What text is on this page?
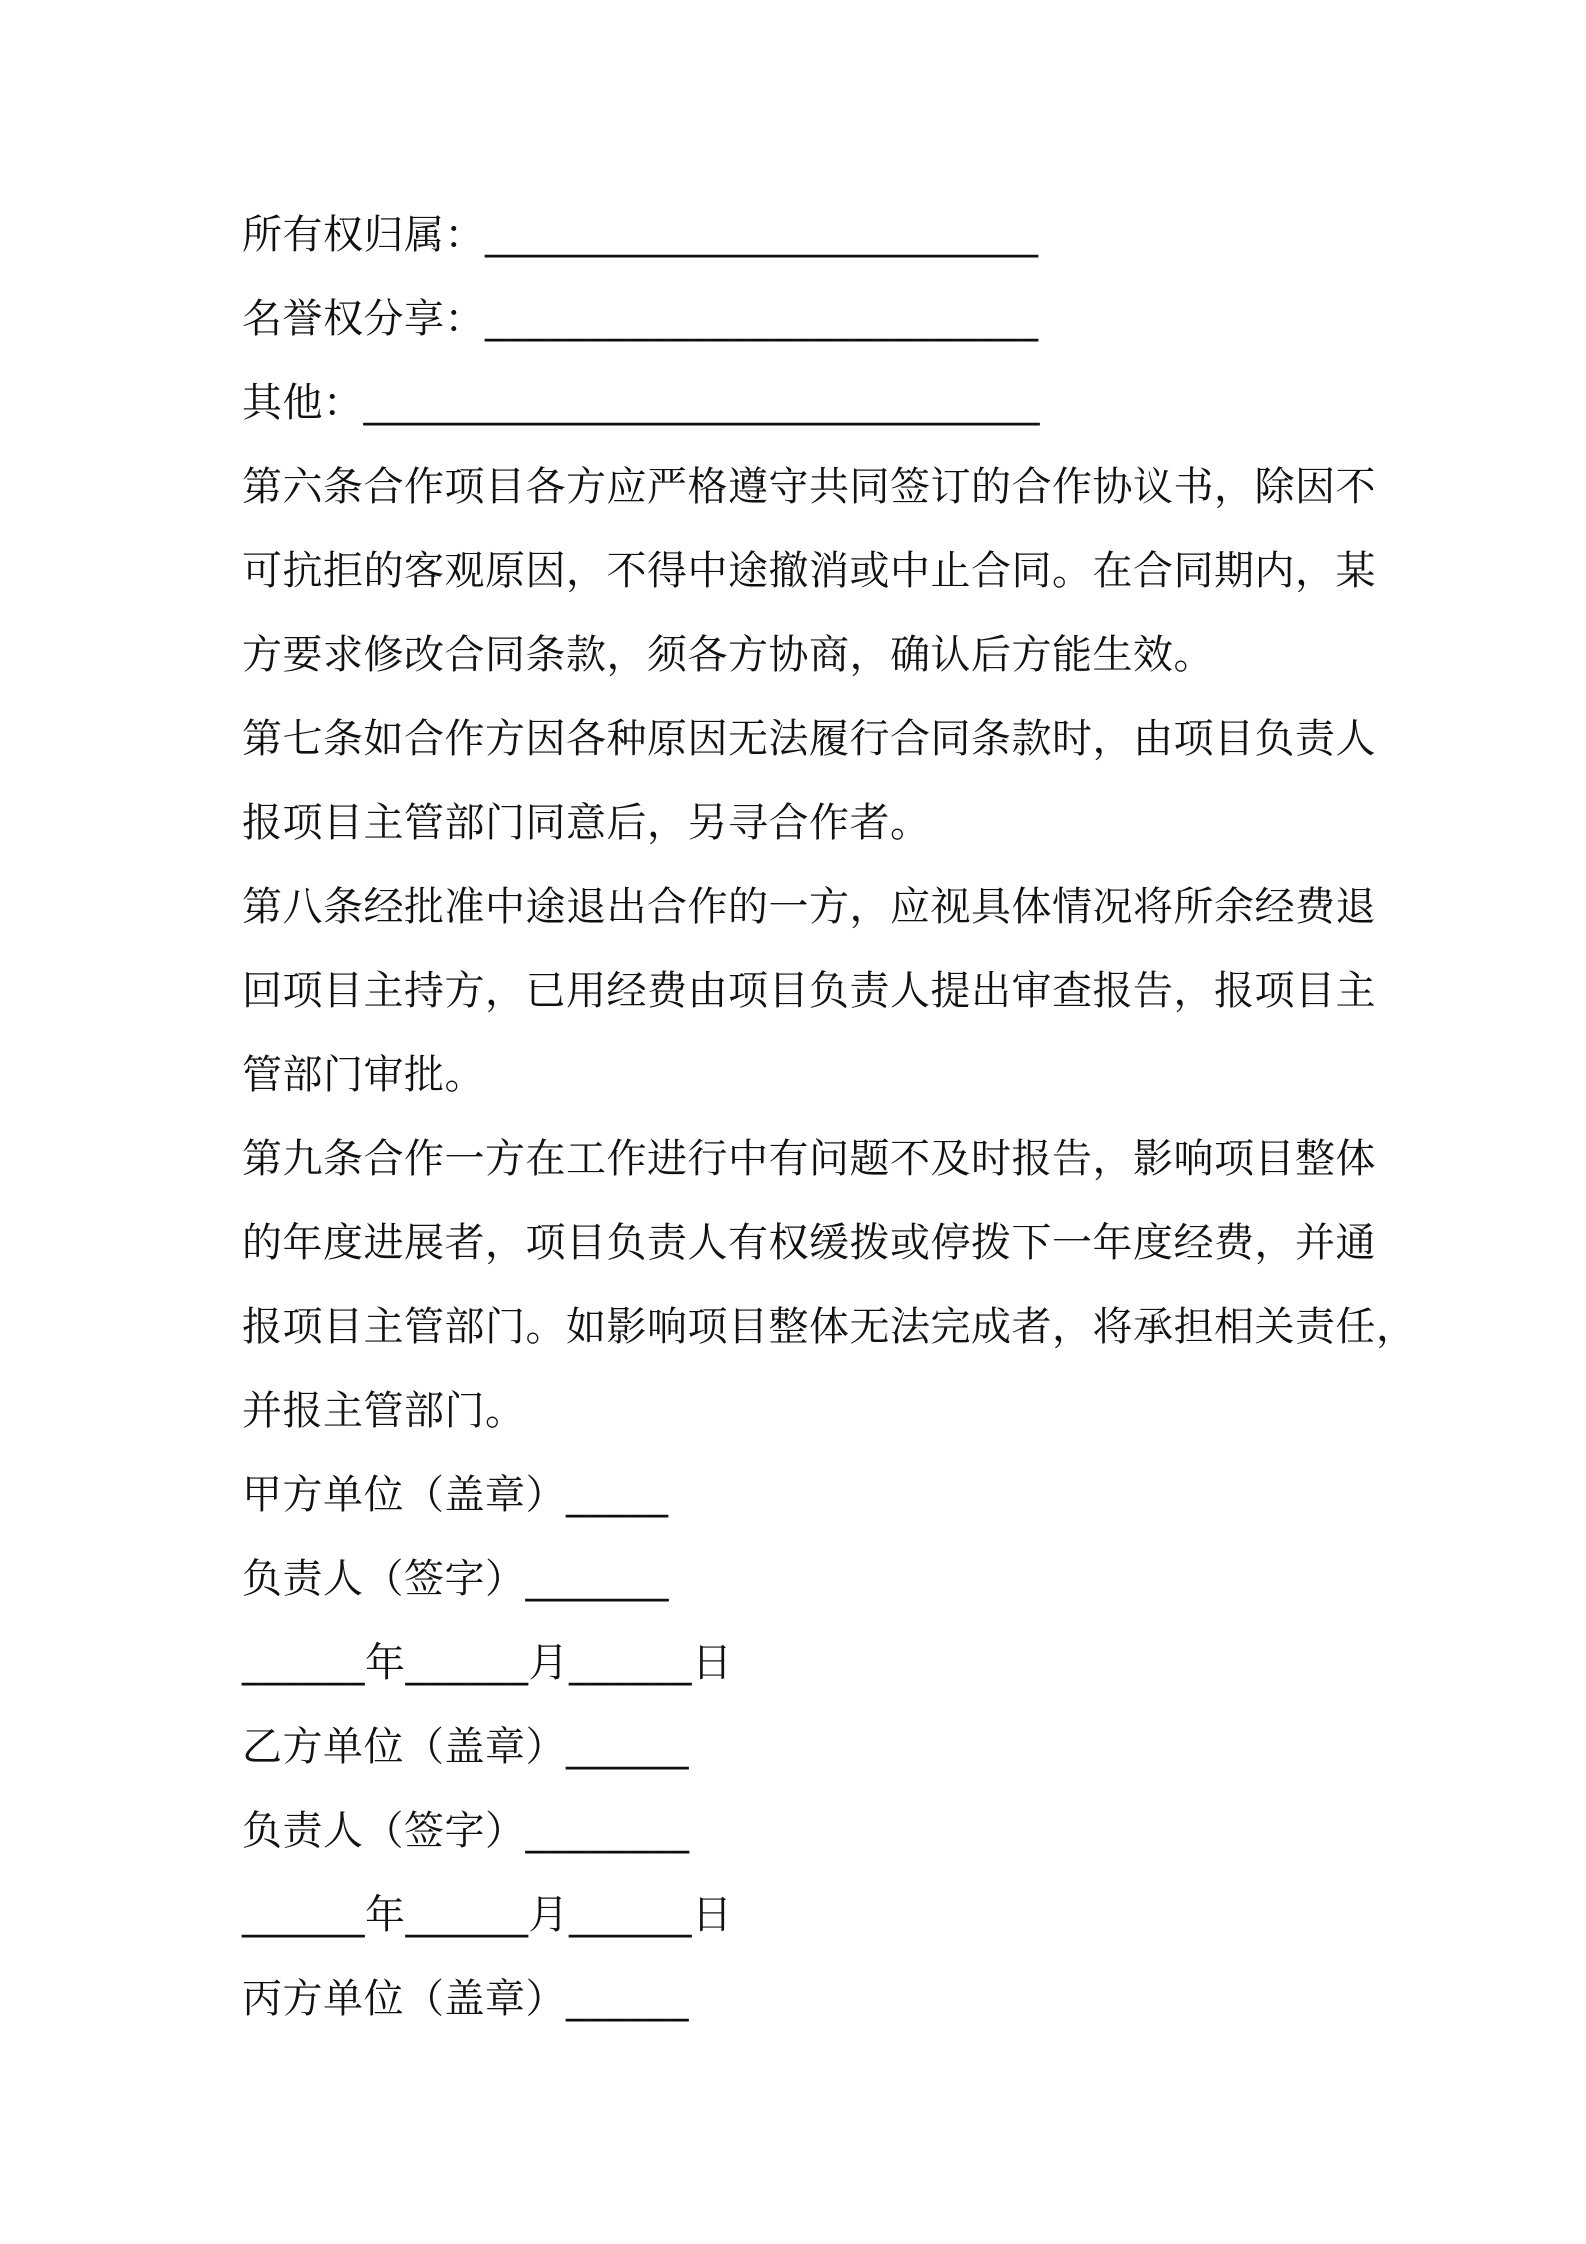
所有权归属：___________________________
名誉权分享：___________________________
其他：_________________________________
第六条合作项目各方应严格遵守共同签订的合作协议书，除因不
可抗拒的客观原因，不得中途撤消或中止合同。在合同期内，某
方要求修改合同条款，须各方协商，确认后方能生效。
第七条如合作方因各种原因无法履行合同条款时，由项目负责人
报项目主管部门同意后，另寻合作者。
第八条经批准中途退出合作的一方，应视具体情况将所余经费退
回项目主持方，已用经费由项目负责人提出审查报告，报项目主
管部门审批。
第九条合作一方在工作进行中有问题不及时报告，影响项目整体
的年度进展者，项目负责人有权缓拨或停拨下一年度经费，并通
报项目主管部门。如影响项目整体无法完成者，将承担相关责任，
并报主管部门。
甲方单位（盖章）_____
负责人（签字）_______
______年______月______日
乙方单位（盖章）______
负责人（签字）________
______年______月______日
丙方单位（盖章）______
